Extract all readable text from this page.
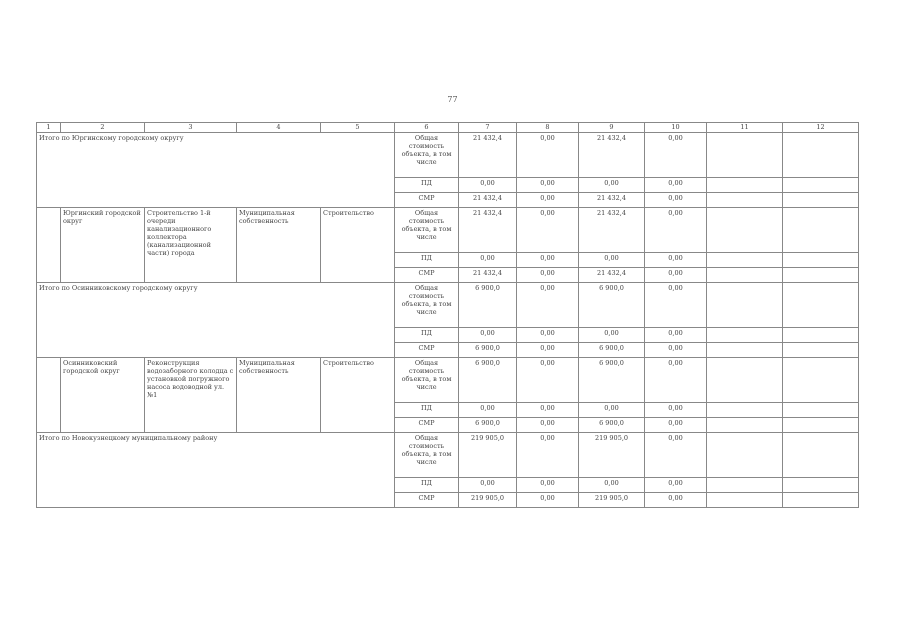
77
1	2	3	4	5	6	7	8	9	10	11	12
Итого по Юргинскому городскому округу					Общая стоимость объекта, в том числе	21 432,4	0,00	21 432,4	0,00		
					ПД	0,00	0,00	0,00	0,00		
					СМР	21 432,4	0,00	21 432,4	0,00		
	Юргинский городской округ	Строительство 1-й очереди канализационного коллектора (канализационной части) города	Муниципальная собственность	Строительство	Общая стоимость объекта, в том числе	21 432,4	0,00	21 432,4	0,00		
					ПД	0,00	0,00	0,00	0,00		
					СМР	21 432,4	0,00	21 432,4	0,00		
Итого по Осинниковскому городскому округу					Общая стоимость объекта, в том числе	6 900,0	0,00	6 900,0	0,00		
					ПД	0,00	0,00	0,00	0,00		
					СМР	6 900,0	0,00	6 900,0	0,00		
	Осинниковский городской округ	Реконструкция водозаборного колодца с установкой погружного насоса водоводной ул. №1	Муниципальная собственность	Строительство	Общая стоимость объекта, в том числе	6 900,0	0,00	6 900,0	0,00		
					ПД	0,00	0,00	0,00	0,00		
					СМР	6 900,0	0,00	6 900,0	0,00		
Итого по Новокузнецкому муниципальному району					Общая стоимость объекта, в том числе	219 905,0	0,00	219 905,0	0,00		
					ПД	0,00	0,00	0,00	0,00		
					СМР	219 905,0	0,00	219 905,0	0,00		
